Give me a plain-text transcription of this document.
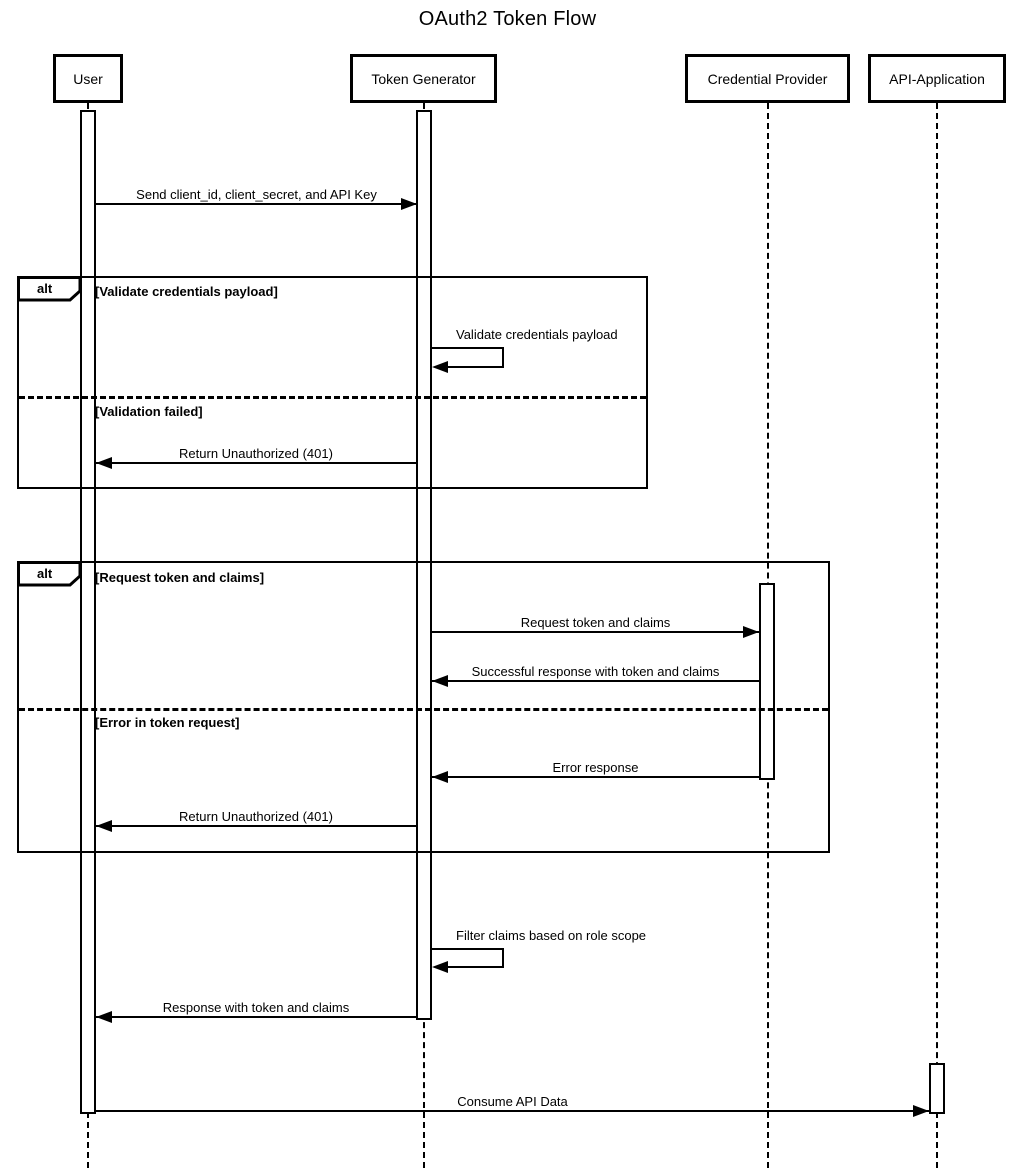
OAuth2 Token Flow
User	Token Generator	Credential Provider	API-Application
alt	[Validate credentials payload]
[Validation failed]
alt	[Request token and claims]
[Error in token request]
Send client_id, client_secret, and API Key
Validate credentials payload
Return Unauthorized (401)
Request token and claims
Successful response with token and claims
Error response
Return Unauthorized (401)
Filter claims based on role scope
Response with token and claims
Consume API Data
